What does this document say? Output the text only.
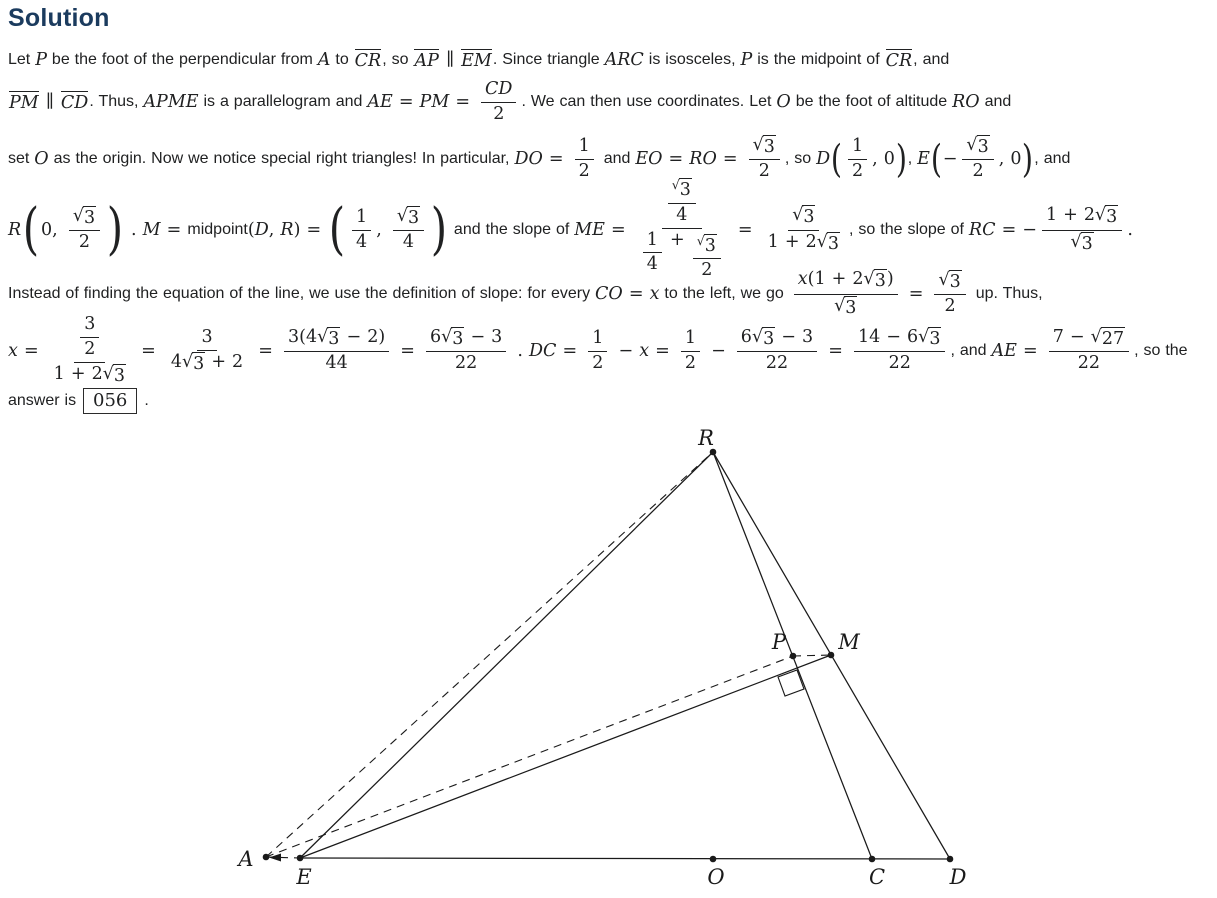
Solution
Let P be the foot of the perpendicular from A to CR , so AP ∥ EM . Since triangle ARC is isosceles, P is the midpoint of CR , and
PM ∥ CD . Thus, APME is a parallelogram and AE = PM = $\frac{CD}{2}$ . We can then use coordinates. Let O be the foot of altitude RO and
set O as the origin. Now we notice special right triangles! In particular, DO = $\frac{1}{2}$ and EO = RO = $\frac{√ 3}{2}$ , so D ( $\frac{1}{2}$ , 0 ) , E ( − $\frac{√ 3}{2}$ , 0 ) , and
R ( 0, $\frac{√ 3}{2}$ ) . M = midpoint ( D , R ) = ( $\frac{1}{4}$ , $\frac{√ 3}{4}$ ) and the slope of ME = $\frac{\frac{√ 3}{4}}{\frac{1}{4} + \frac{√ 3}{2}} = \frac{√ 3}{1 + 2 √ 3}$ , so the slope of RC = − $\frac{1 + 2 √ 3}{√ 3}$ .
Instead of finding the equation of the line, we use the definition of slope: for every CO = x to the left, we go $\frac{x (1 + 2 √ 3 )}{√ 3} = \frac{√ 3}{2}$ up. Thus,
$x = \frac{\frac{3}{2}}{1 + 2 √ 3} = \frac{3}{4 √ 3 + 2} = \frac{3(4 √ 3 - 2)}{44} = \frac{6 √ 3 - 3}{22}$ . DC = $\frac{1}{2} - x = \frac{1}{2} - \frac{6 √ 3 - 3}{22} = \frac{14 - 6 √ 3}{22}$ , and AE = $\frac{7 - √ 27}{22}$ , so the
answer is 056 .
R
P M
A
E	O	C	D
